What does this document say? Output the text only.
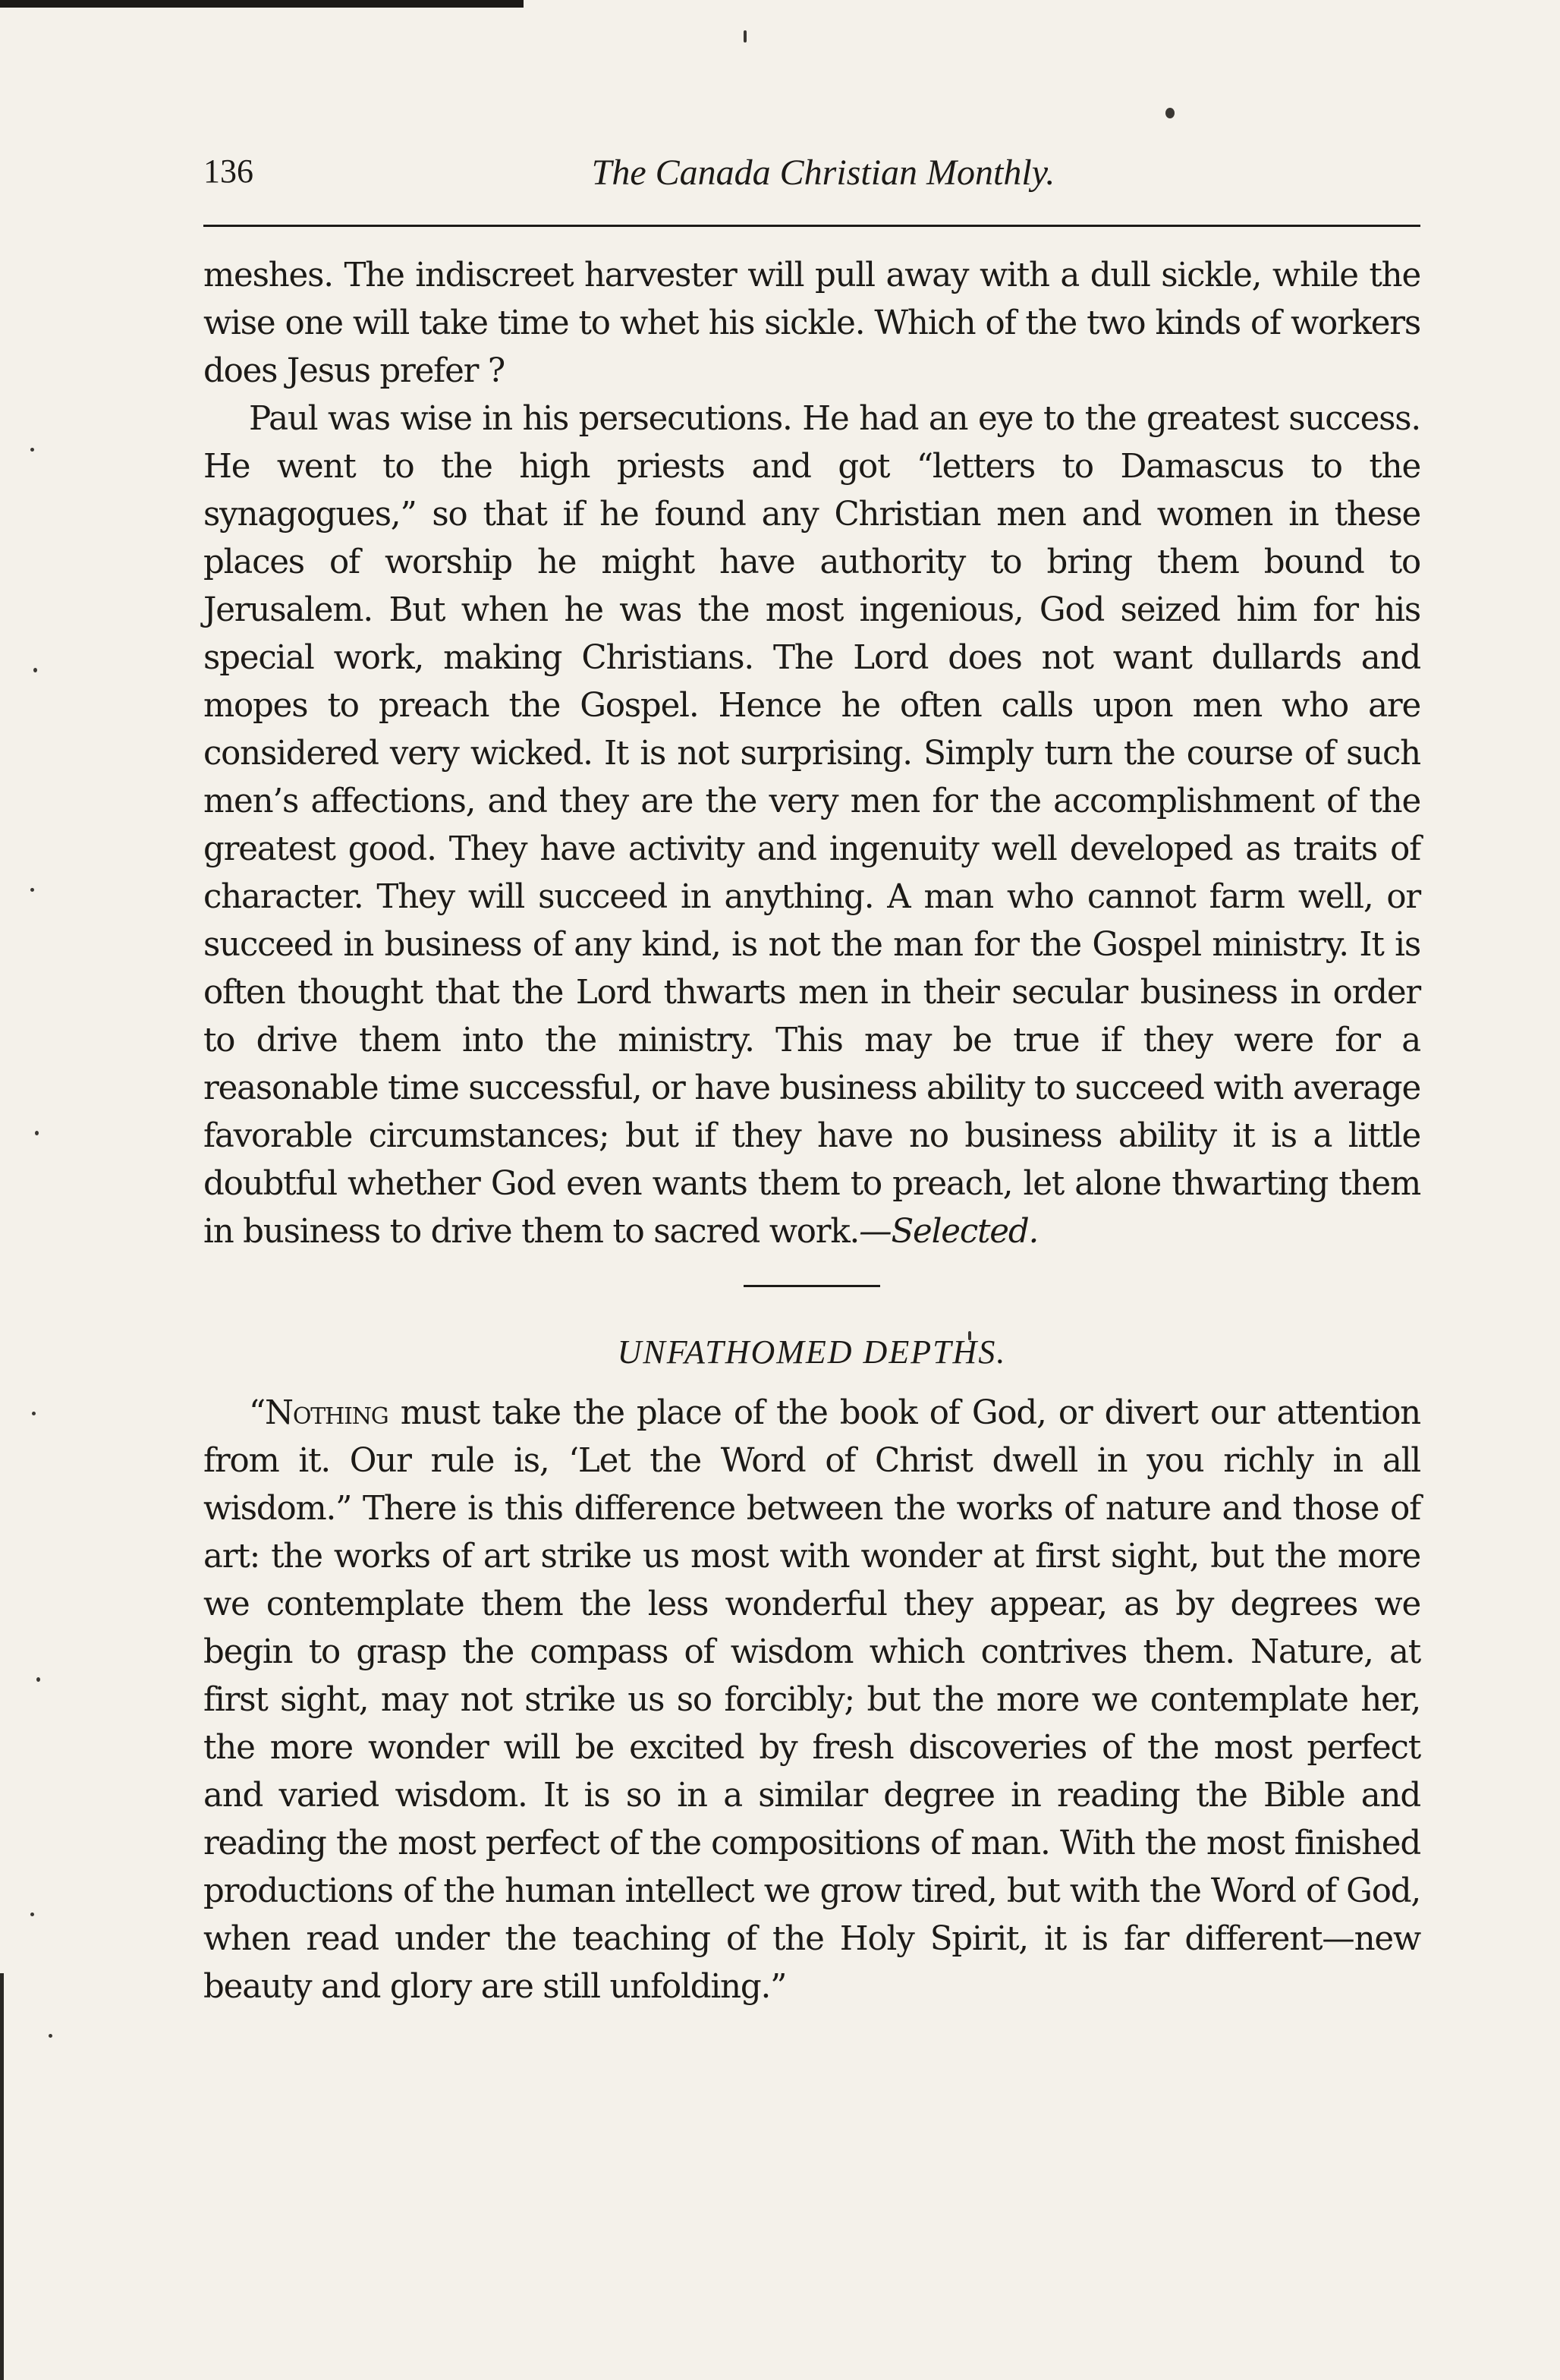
136	The Canada Christian Monthly.

meshes. The indiscreet harvester will pull away with a dull sickle, while the wise one will take time to whet his sickle. Which of the two kinds of workers does Jesus prefer ?

Paul was wise in his persecutions. He had an eye to the greatest success. He went to the high priests and got “letters to Damascus to the synagogues,” so that if he found any Christian men and women in these places of worship he might have authority to bring them bound to Jerusalem. But when he was the most ingenious, God seized him for his special work, making Christians. The Lord does not want dullards and mopes to preach the Gospel. Hence he often calls upon men who are considered very wicked. It is not surprising. Simply turn the course of such men’s affections, and they are the very men for the accomplishment of the greatest good. They have activity and ingenuity well developed as traits of character. They will succeed in anything. A man who cannot farm well, or succeed in business of any kind, is not the man for the Gospel ministry. It is often thought that the Lord thwarts men in their secular business in order to drive them into the ministry. This may be true if they were for a reasonable time successful, or have business ability to succeed with average favorable circumstances; but if they have no business ability it is a little doubtful whether God even wants them to preach, let alone thwarting them in business to drive them to sacred work.—Selected.

UNFATHOMED DEPTHS.

“Nothing must take the place of the book of God, or divert our attention from it. Our rule is, ‘Let the Word of Christ dwell in you richly in all wisdom.” There is this difference between the works of nature and those of art: the works of art strike us most with wonder at first sight, but the more we contemplate them the less wonderful they appear, as by degrees we begin to grasp the compass of wisdom which contrives them. Nature, at first sight, may not strike us so forcibly; but the more we contemplate her, the more wonder will be excited by fresh discoveries of the most perfect and varied wisdom. It is so in a similar degree in reading the Bible and reading the most perfect of the compositions of man. With the most finished productions of the human intellect we grow tired, but with the Word of God, when read under the teaching of the Holy Spirit, it is far different—new beauty and glory are still unfolding.”
